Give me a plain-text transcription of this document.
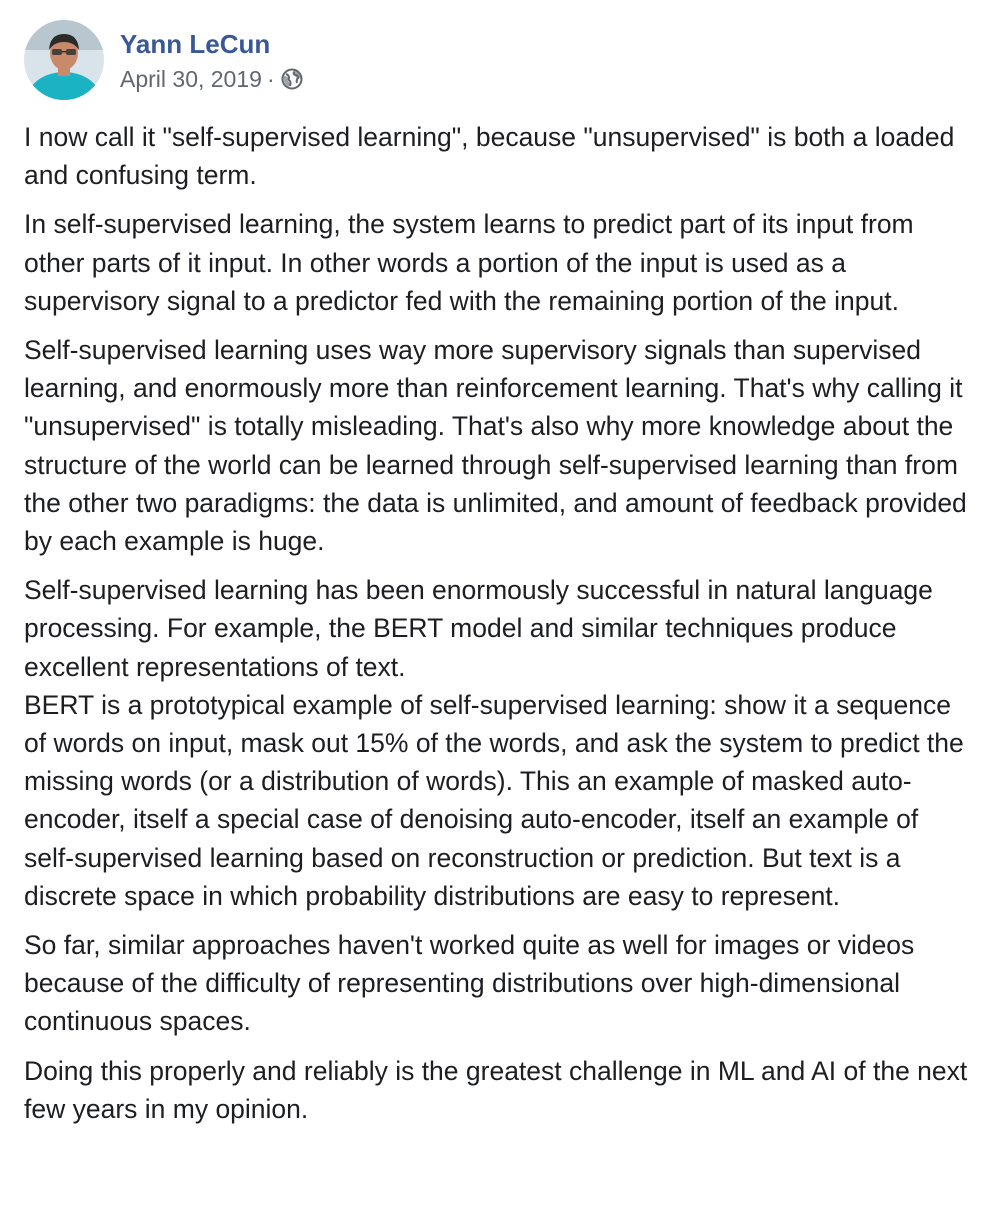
Yann LeCun
April 30, 2019 ·

I now call it "self-supervised learning", because "unsupervised" is both a loaded and confusing term.

In self-supervised learning, the system learns to predict part of its input from other parts of it input. In other words a portion of the input is used as a supervisory signal to a predictor fed with the remaining portion of the input.

Self-supervised learning uses way more supervisory signals than supervised learning, and enormously more than reinforcement learning. That's why calling it "unsupervised" is totally misleading. That's also why more knowledge about the structure of the world can be learned through self-supervised learning than from the other two paradigms: the data is unlimited, and amount of feedback provided by each example is huge.

Self-supervised learning has been enormously successful in natural language processing. For example, the BERT model and similar techniques produce excellent representations of text.

BERT is a prototypical example of self-supervised learning: show it a sequence of words on input, mask out 15% of the words, and ask the system to predict the missing words (or a distribution of words). This an example of masked auto-encoder, itself a special case of denoising auto-encoder, itself an example of self-supervised learning based on reconstruction or prediction. But text is a discrete space in which probability distributions are easy to represent.

So far, similar approaches haven't worked quite as well for images or videos because of the difficulty of representing distributions over high-dimensional continuous spaces.

Doing this properly and reliably is the greatest challenge in ML and AI of the next few years in my opinion.
